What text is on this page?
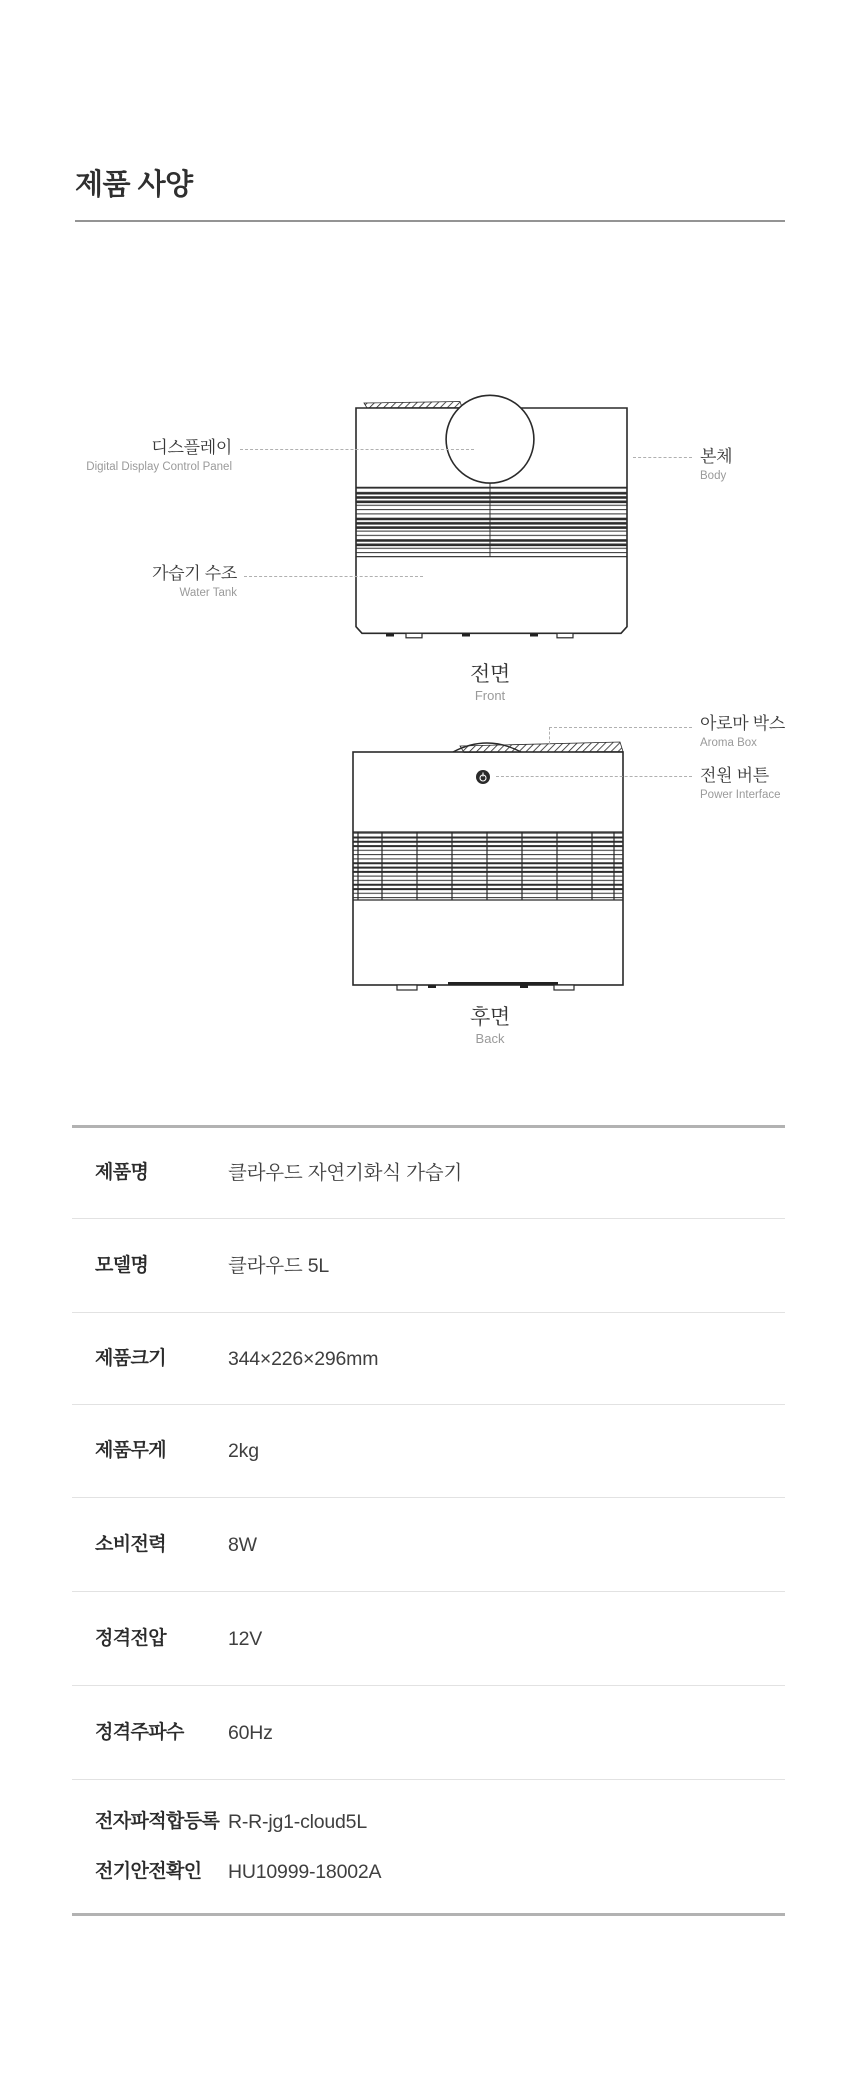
제품 사양
디스플레이
Digital Display Control Panel
본체
Body
가습기 수조
Water Tank
전면
Front
아로마 박스
Aroma Box
전원 버튼
Power Interface
후면
Back
제품명	클라우드 자연기화식 가습기
모델명	클라우드 5L
제품크기	344×226×296mm
제품무게	2kg
소비전력	8W
정격전압	12V
정격주파수	60Hz
전자파적합등록 R-R-jg1-cloud5L
전기안전확인	HU10999-18002A
